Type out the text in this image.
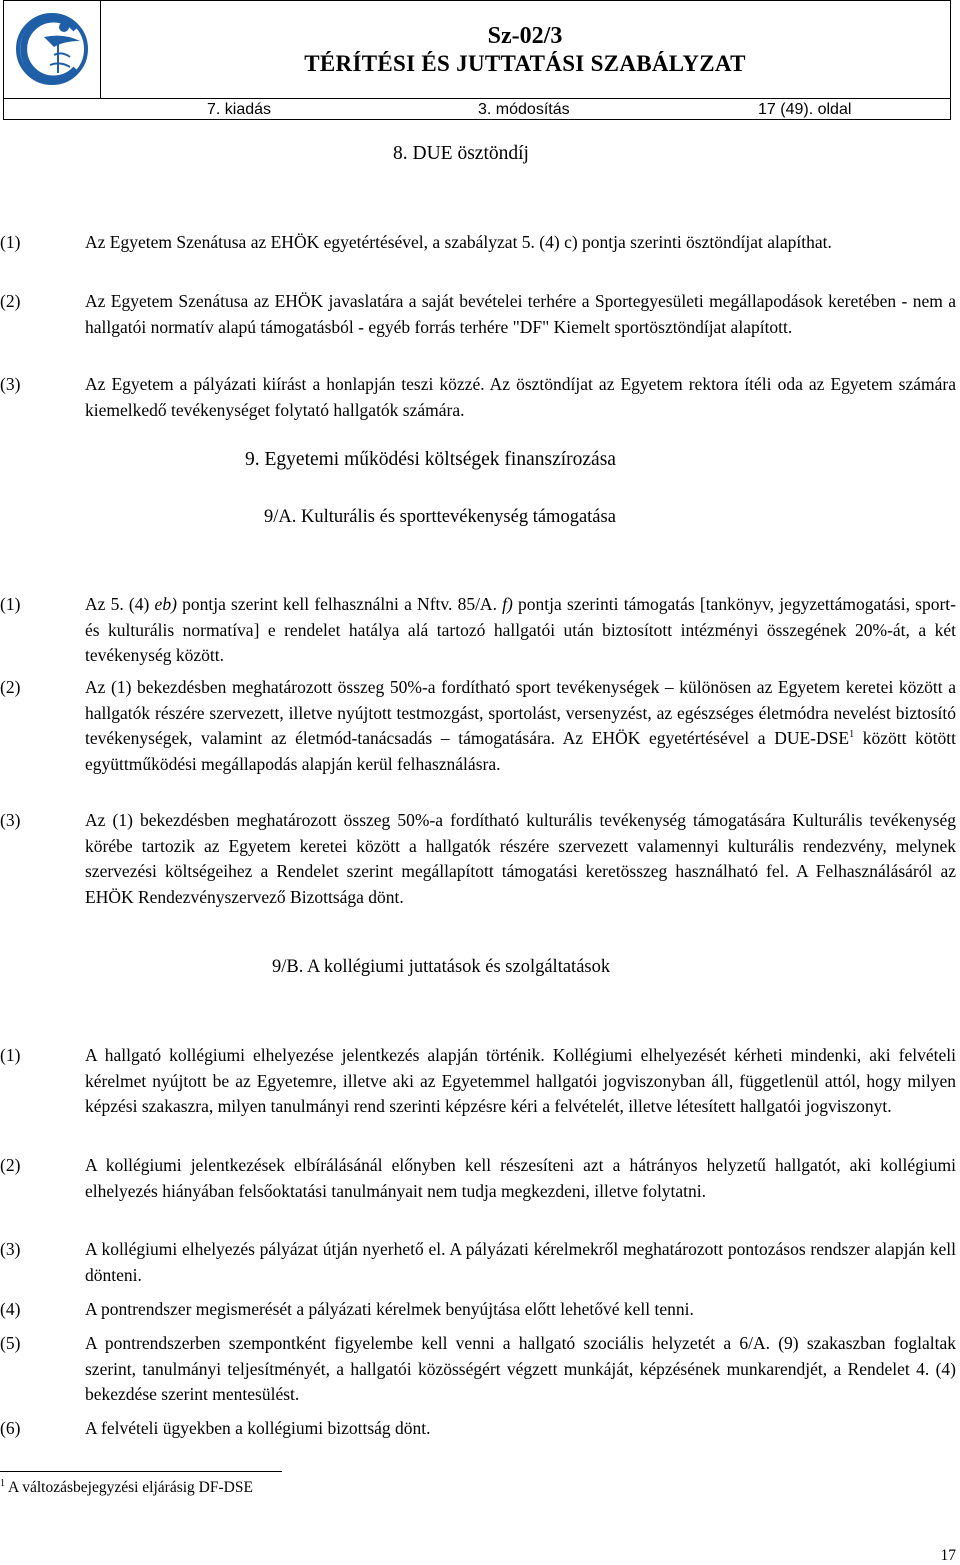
Sz-02/3
TÉRÍTÉSI ÉS JUTTATÁSI SZABÁLYZAT
7. kiadás	3. módosítás	17 (49). oldal
8. DUE ösztöndíj
(1)	Az Egyetem Szenátusa az EHÖK egyetértésével, a szabályzat 5. (4) c) pontja szerinti ösztöndíjat alapíthat.
(2)	Az Egyetem Szenátusa az EHÖK javaslatára a saját bevételei terhére a Sportegyesületi megállapodások keretében - nem a hallgatói normatív alapú támogatásból - egyéb forrás terhére "DF" Kiemelt sportösztöndíjat alapított.
(3)	Az Egyetem a pályázati kiírást a honlapján teszi közzé. Az ösztöndíjat az Egyetem rektora ítéli oda az Egyetem számára kiemelkedő tevékenységet folytató hallgatók számára.
9. Egyetemi működési költségek finanszírozása
9/A. Kulturális és sporttevékenység támogatása
(1)	Az 5. (4) eb) pontja szerint kell felhasználni a Nftv. 85/A. f) pontja szerinti támogatás [tankönyv, jegyzettámogatási, sport- és kulturális normatíva] e rendelet hatálya alá tartozó hallgatói után biztosított intézményi összegének 20%-át, a két tevékenység között.
(2)	Az (1) bekezdésben meghatározott összeg 50%-a fordítható sport tevékenységek – különösen az Egyetem keretei között a hallgatók részére szervezett, illetve nyújtott testmozgást, sportolást, versenyzést, az egészséges életmódra nevelést biztosító tevékenységek, valamint az életmód-tanácsadás – támogatására. Az EHÖK egyetértésével a DUE-DSE$^1$ között kötött együttműködési megállapodás alapján kerül felhasználásra.
(3)	Az (1) bekezdésben meghatározott összeg 50%-a fordítható kulturális tevékenység támogatására Kulturális tevékenység körébe tartozik az Egyetem keretei között a hallgatók részére szervezett valamennyi kulturális rendezvény, melynek szervezési költségeihez a Rendelet szerint megállapított támogatási keretösszeg használható fel. A Felhasználásáról az EHÖK Rendezvényszervező Bizottsága dönt.
9/B. A kollégiumi juttatások és szolgáltatások
(1)	A hallgató kollégiumi elhelyezése jelentkezés alapján történik. Kollégiumi elhelyezését kérheti mindenki, aki felvételi kérelmet nyújtott be az Egyetemre, illetve aki az Egyetemmel hallgatói jogviszonyban áll, függetlenül attól, hogy milyen képzési szakaszra, milyen tanulmányi rend szerinti képzésre kéri a felvételét, illetve létesített hallgatói jogviszonyt.
(2)	A kollégiumi jelentkezések elbírálásánál előnyben kell részesíteni azt a hátrányos helyzetű hallgatót, aki kollégiumi elhelyezés hiányában felsőoktatási tanulmányait nem tudja megkezdeni, illetve folytatni.
(3)	A kollégiumi elhelyezés pályázat útján nyerhető el. A pályázati kérelmekről meghatározott pontozásos rendszer alapján kell dönteni.
(4)	A pontrendszer megismerését a pályázati kérelmek benyújtása előtt lehetővé kell tenni.
(5)	A pontrendszerben szempontként figyelembe kell venni a hallgató szociális helyzetét a 6/A. (9) szakaszban foglaltak szerint, tanulmányi teljesítményét, a hallgatói közösségért végzett munkáját, képzésének munkarendjét, a Rendelet 4. (4) bekezdése szerint mentesülést.
(6)	A felvételi ügyekben a kollégiumi bizottság dönt.
$^1$ A változásbejegyzési eljárásig DF-DSE
17
